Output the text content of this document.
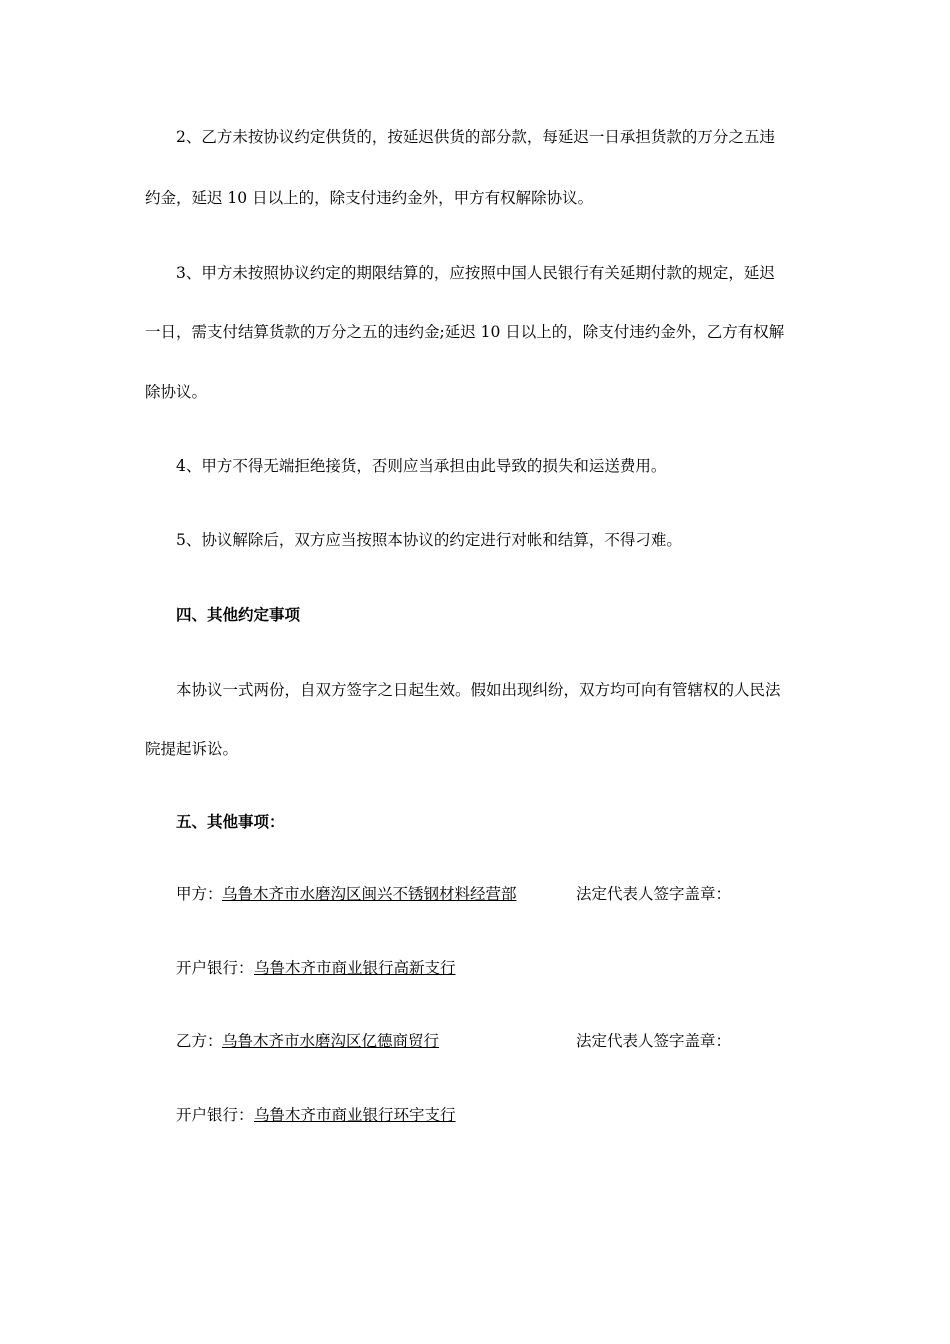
2、乙方未按协议约定供货的，按延迟供货的部分款，每延迟一日承担货款的万分之五违
约金，延迟 10 日以上的，除支付违约金外，甲方有权解除协议。
3、甲方未按照协议约定的期限结算的，应按照中国人民银行有关延期付款的规定，延迟
一日，需支付结算货款的万分之五的违约金;延迟 10 日以上的，除支付违约金外，乙方有权解
除协议。
4、甲方不得无端拒绝接货，否则应当承担由此导致的损失和运送费用。
5、协议解除后，双方应当按照本协议的约定进行对帐和结算，不得刁难。
四、其他约定事项
本协议一式两份，自双方签字之日起生效。假如出现纠纷，双方均可向有管辖权的人民法
院提起诉讼。
五、其他事项：
甲方： 乌鲁木齐市水磨沟区闽兴不锈钢材料经营部	法定代表人签字盖章：
开户银行： 乌鲁木齐市商业银行高新支行
乙方： 乌鲁木齐市水磨沟区亿德商贸行	法定代表人签字盖章：
开户银行： 乌鲁木齐市商业银行环宇支行
